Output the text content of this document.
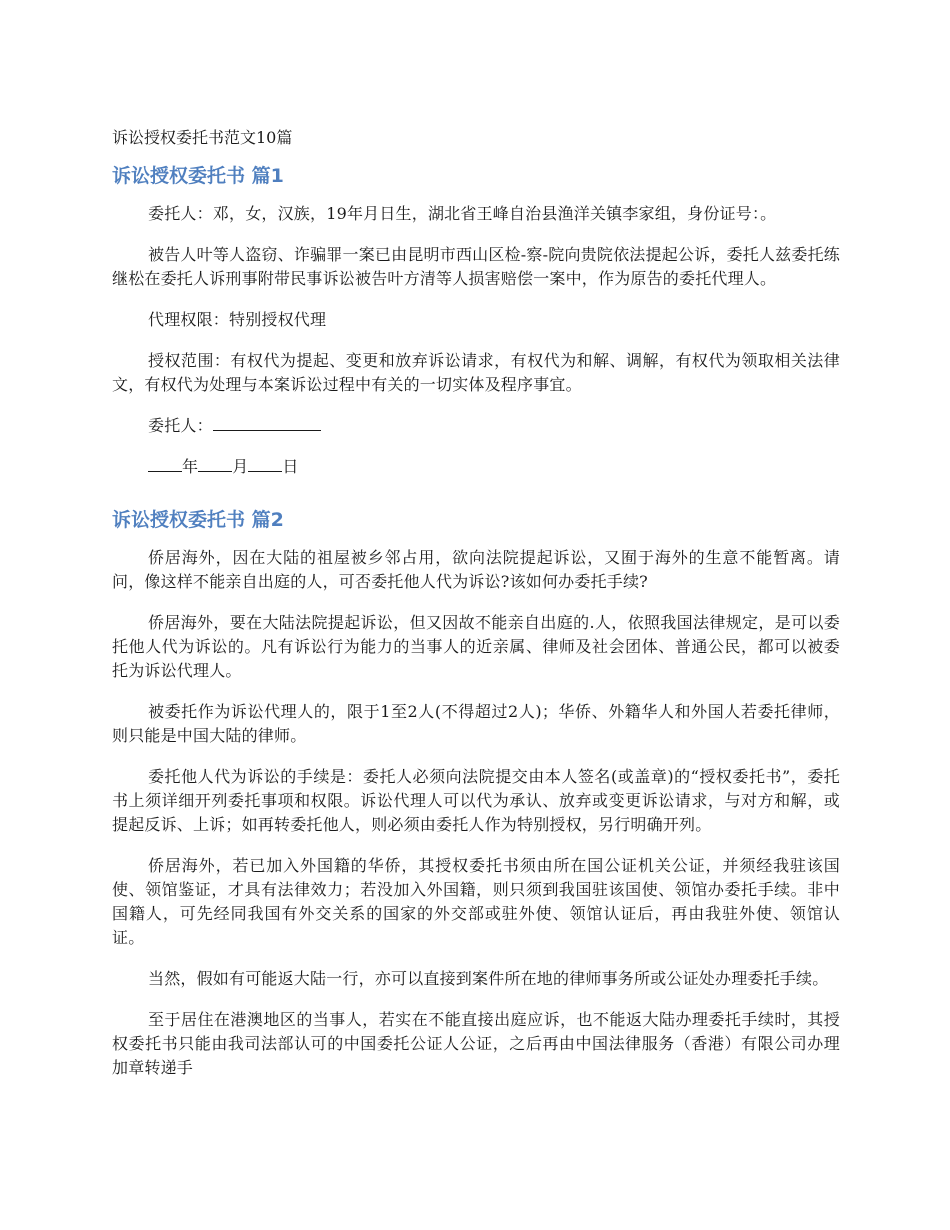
诉讼授权委托书范文10篇
诉讼授权委托书 篇1

委托人：邓，女，汉族，19年月日生，湖北省王峰自治县渔洋关镇李家组，身份证号：。

被告人叶等人盗窃、诈骗罪一案已由昆明市西山区检-察-院向贵院依法提起公诉，委托人兹委托练继松在委托人诉刑事附带民事诉讼被告叶方清等人损害赔偿一案中，作为原告的委托代理人。

代理权限：特别授权代理

授权范围：有权代为提起、变更和放弃诉讼请求，有权代为和解、调解，有权代为领取相关法律文，有权代为处理与本案诉讼过程中有关的一切实体及程序事宜。

委托人：

年 月 日

诉讼授权委托书 篇2

侨居海外，因在大陆的祖屋被乡邻占用，欲向法院提起诉讼，又囿于海外的生意不能暂离。请问，像这样不能亲自出庭的人，可否委托他人代为诉讼?该如何办委托手续?

侨居海外，要在大陆法院提起诉讼，但又因故不能亲自出庭的.人，依照我国法律规定，是可以委托他人代为诉讼的。凡有诉讼行为能力的当事人的近亲属、律师及社会团体、普通公民，都可以被委托为诉讼代理人。

被委托作为诉讼代理人的，限于1至2人(不得超过2人)；华侨、外籍华人和外国人若委托律师，则只能是中国大陆的律师。

委托他人代为诉讼的手续是：委托人必须向法院提交由本人签名(或盖章)的“授权委托书”，委托书上须详细开列委托事项和权限。诉讼代理人可以代为承认、放弃或变更诉讼请求，与对方和解，或提起反诉、上诉；如再转委托他人，则必须由委托人作为特别授权，另行明确开列。

侨居海外，若已加入外国籍的华侨，其授权委托书须由所在国公证机关公证，并须经我驻该国使、领馆鉴证，才具有法律效力；若没加入外国籍，则只须到我国驻该国使、领馆办委托手续。非中国籍人，可先经同我国有外交关系的国家的外交部或驻外使、领馆认证后，再由我驻外使、领馆认证。

当然，假如有可能返大陆一行，亦可以直接到案件所在地的律师事务所或公证处办理委托手续。

至于居住在港澳地区的当事人，若实在不能直接出庭应诉，也不能返大陆办理委托手续时，其授权委托书只能由我司法部认可的中国委托公证人公证，之后再由中国法律服务（香港）有限公司办理加章转递手
